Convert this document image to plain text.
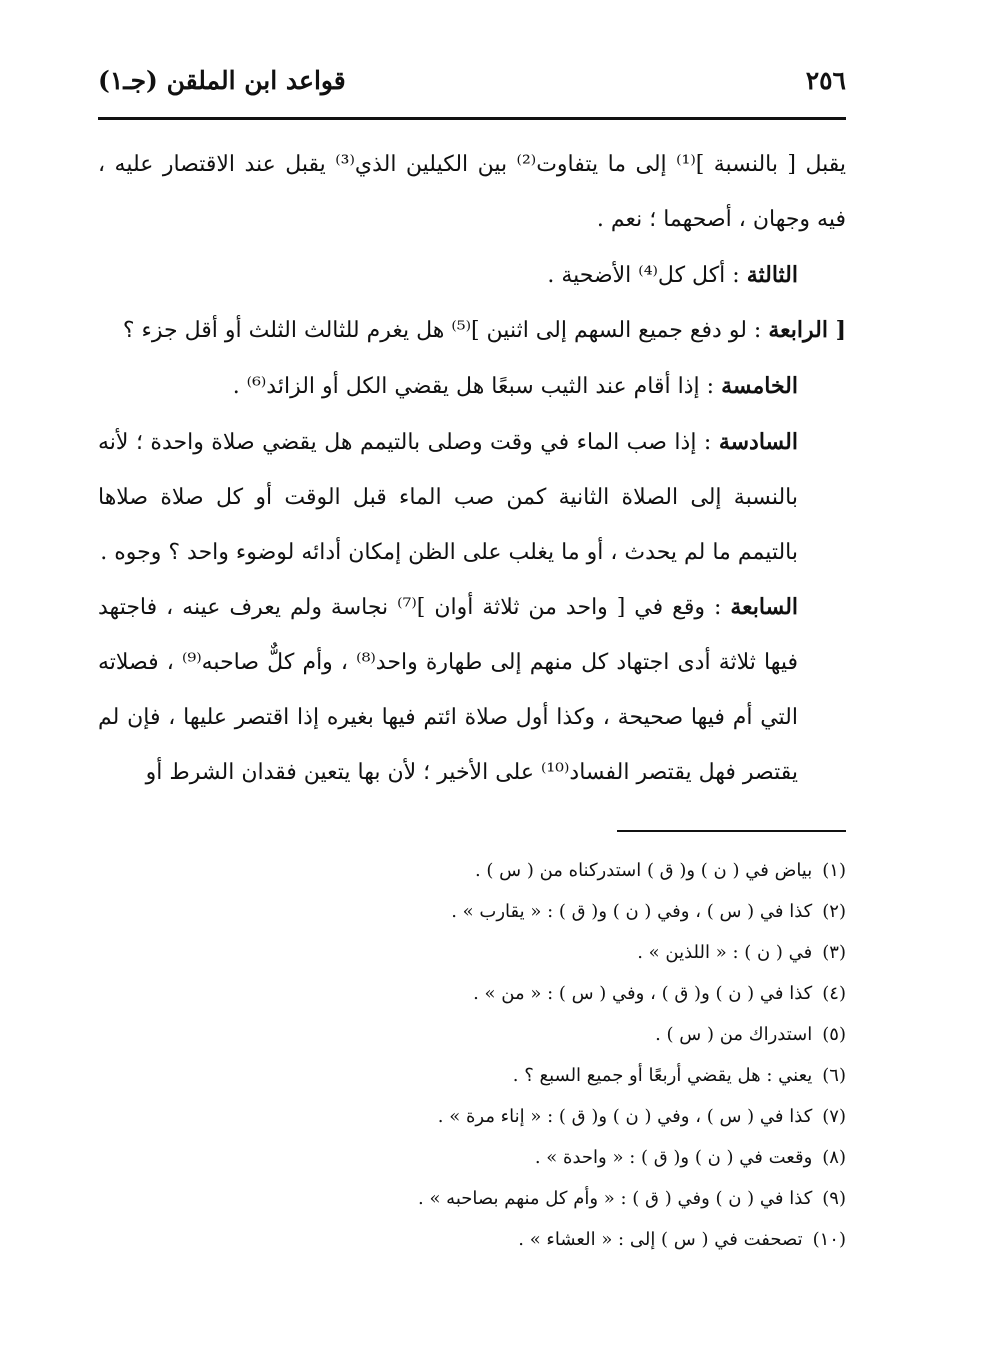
٢٥٦
قواعد ابن الملقن (جـ١)

يقبل [ بالنسبة ]⁽¹⁾ إلى ما يتفاوت⁽²⁾ بين الكيلين الذي⁽³⁾ يقبل عند الاقتصار عليه ، فيه وجهان ، أصحهما ؛ نعم .

الثالثة : أكل كل⁽⁴⁾ الأضحية .

[ الرابعة : لو دفع جميع السهم إلى اثنين ]⁽⁵⁾ هل يغرم للثالث الثلث أو أقل جزء ؟

الخامسة : إذا أقام عند الثيب سبعًا هل يقضي الكل أو الزائد⁽⁶⁾ .

السادسة : إذا صب الماء في وقت وصلى بالتيمم هل يقضي صلاة واحدة ؛ لأنه بالنسبة إلى الصلاة الثانية كمن صب الماء قبل الوقت أو كل صلاة صلاها بالتيمم ما لم يحدث ، أو ما يغلب على الظن إمكان أدائه لوضوء واحد ؟ وجوه .

السابعة : وقع في [ واحد من ثلاثة أوان ]⁽⁷⁾ نجاسة ولم يعرف عينه ، فاجتهد فيها ثلاثة أدى اجتهاد كل منهم إلى طهارة واحد⁽⁸⁾ ، وأم كلٌّ صاحبه⁽⁹⁾ ، فصلاته التي أم فيها صحيحة ، وكذا أول صلاة ائتم فيها بغيره إذا اقتصر عليها ، فإن لم يقتصر فهل يقتصر الفساد⁽¹⁰⁾ على الأخير ؛ لأن بها يتعين فقدان الشرط أو

(١)بياض في ( ن ) و( ق ) استدركناه من ( س ) .
(٢)كذا في ( س ) ، وفي ( ن ) و( ق ) : « يقارب » .
(٣)في ( ن ) : « اللذين » .
(٤)كذا في ( ن ) و( ق ) ، وفي ( س ) : « من » .
(٥)استدراك من ( س ) .
(٦)يعني : هل يقضي أربعًا أو جميع السبع ؟ .
(٧)كذا في ( س ) ، وفي ( ن ) و( ق ) : « إناء مرة » .
(٨)وقعت في ( ن ) و( ق ) : « واحدة » .
(٩)كذا في ( ن ) وفي ( ق ) : « وأم كل منهم بصاحبه » .
(١٠)تصحفت في ( س ) إلى : « العشاء » .
